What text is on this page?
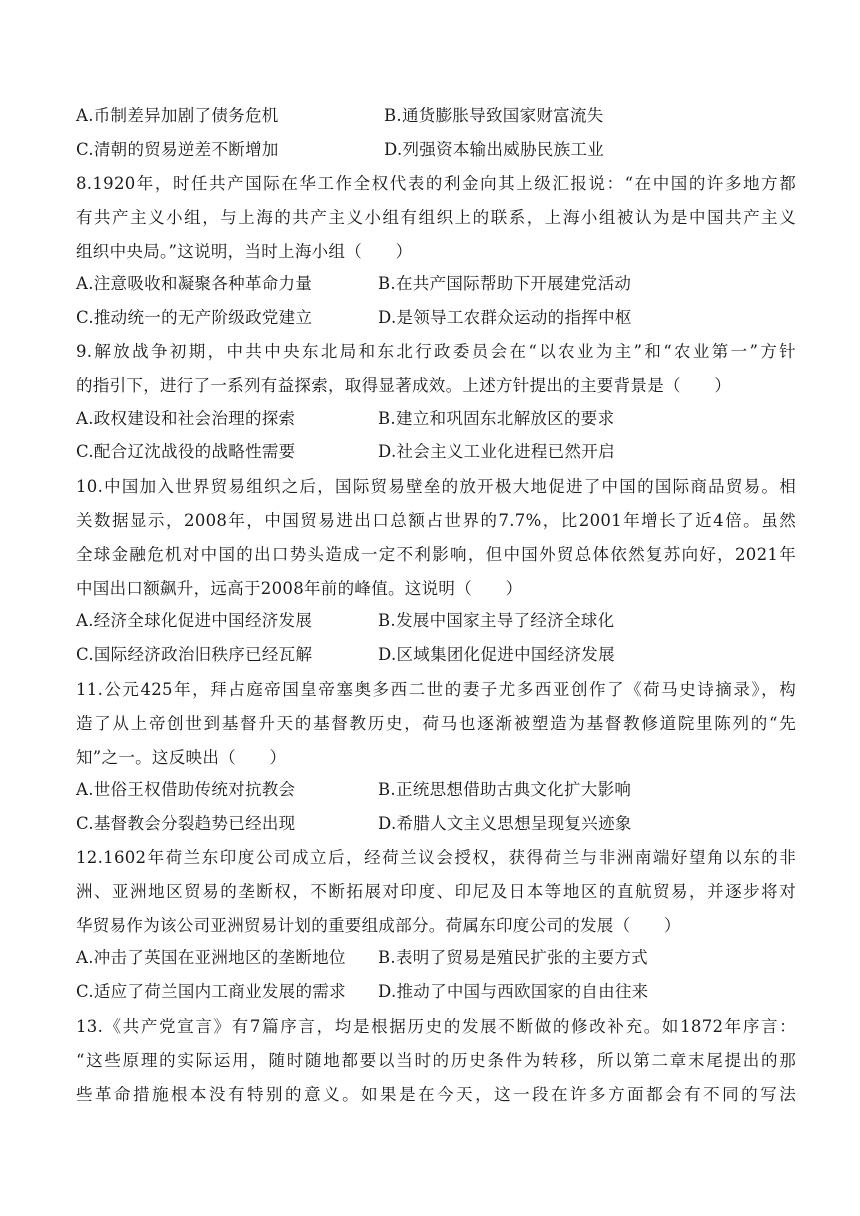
A.币制差异加剧了债务危机	B.通货膨胀导致国家财富流失
C.清朝的贸易逆差不断增加	D.列强资本输出威胁民族工业
8.1920年，时任共产国际在华工作全权代表的利金向其上级汇报说：“在中国的许多地方都
有共产主义小组，与上海的共产主义小组有组织上的联系，上海小组被认为是中国共产主义
组织中央局。”这说明，当时上海小组（　　）
A.注意吸收和凝聚各种革命力量	B.在共产国际帮助下开展建党活动
C.推动统一的无产阶级政党建立	D.是领导工农群众运动的指挥中枢
9.解放战争初期，中共中央东北局和东北行政委员会在“以农业为主”和“农业第一”方针
的指引下，进行了一系列有益探索，取得显著成效。上述方针提出的主要背景是（　　）
A.政权建设和社会治理的探索	B.建立和巩固东北解放区的要求
C.配合辽沈战役的战略性需要	D.社会主义工业化进程已然开启
10.中国加入世界贸易组织之后，国际贸易壁垒的放开极大地促进了中国的国际商品贸易。相
关数据显示，2008年，中国贸易进出口总额占世界的7.7%，比2001年增长了近4倍。虽然
全球金融危机对中国的出口势头造成一定不利影响，但中国外贸总体依然复苏向好，2021年
中国出口额飙升，远高于2008年前的峰值。这说明（　　）
A.经济全球化促进中国经济发展	B.发展中国家主导了经济全球化
C.国际经济政治旧秩序已经瓦解	D.区域集团化促进中国经济发展
11.公元425年，拜占庭帝国皇帝塞奥多西二世的妻子尤多西亚创作了《荷马史诗摘录》，构
造了从上帝创世到基督升天的基督教历史，荷马也逐渐被塑造为基督教修道院里陈列的“先
知”之一。这反映出（　　）
A.世俗王权借助传统对抗教会	B.正统思想借助古典文化扩大影响
C.基督教会分裂趋势已经出现	D.希腊人文主义思想呈现复兴迹象
12.1602年荷兰东印度公司成立后，经荷兰议会授权，获得荷兰与非洲南端好望角以东的非
洲、亚洲地区贸易的垄断权，不断拓展对印度、印尼及日本等地区的直航贸易，并逐步将对
华贸易作为该公司亚洲贸易计划的重要组成部分。荷属东印度公司的发展（　　）
A.冲击了英国在亚洲地区的垄断地位 B.表明了贸易是殖民扩张的主要方式
C.适应了荷兰国内工商业发展的需求 D.推动了中国与西欧国家的自由往来
13.《共产党宣言》有7篇序言，均是根据历史的发展不断做的修改补充。如1872年序言：
“这些原理的实际运用，随时随地都要以当时的历史条件为转移，所以第二章末尾提出的那
些革命措施根本没有特别的意义。如果是在今天，这一段在许多方面都会有不同的写法
